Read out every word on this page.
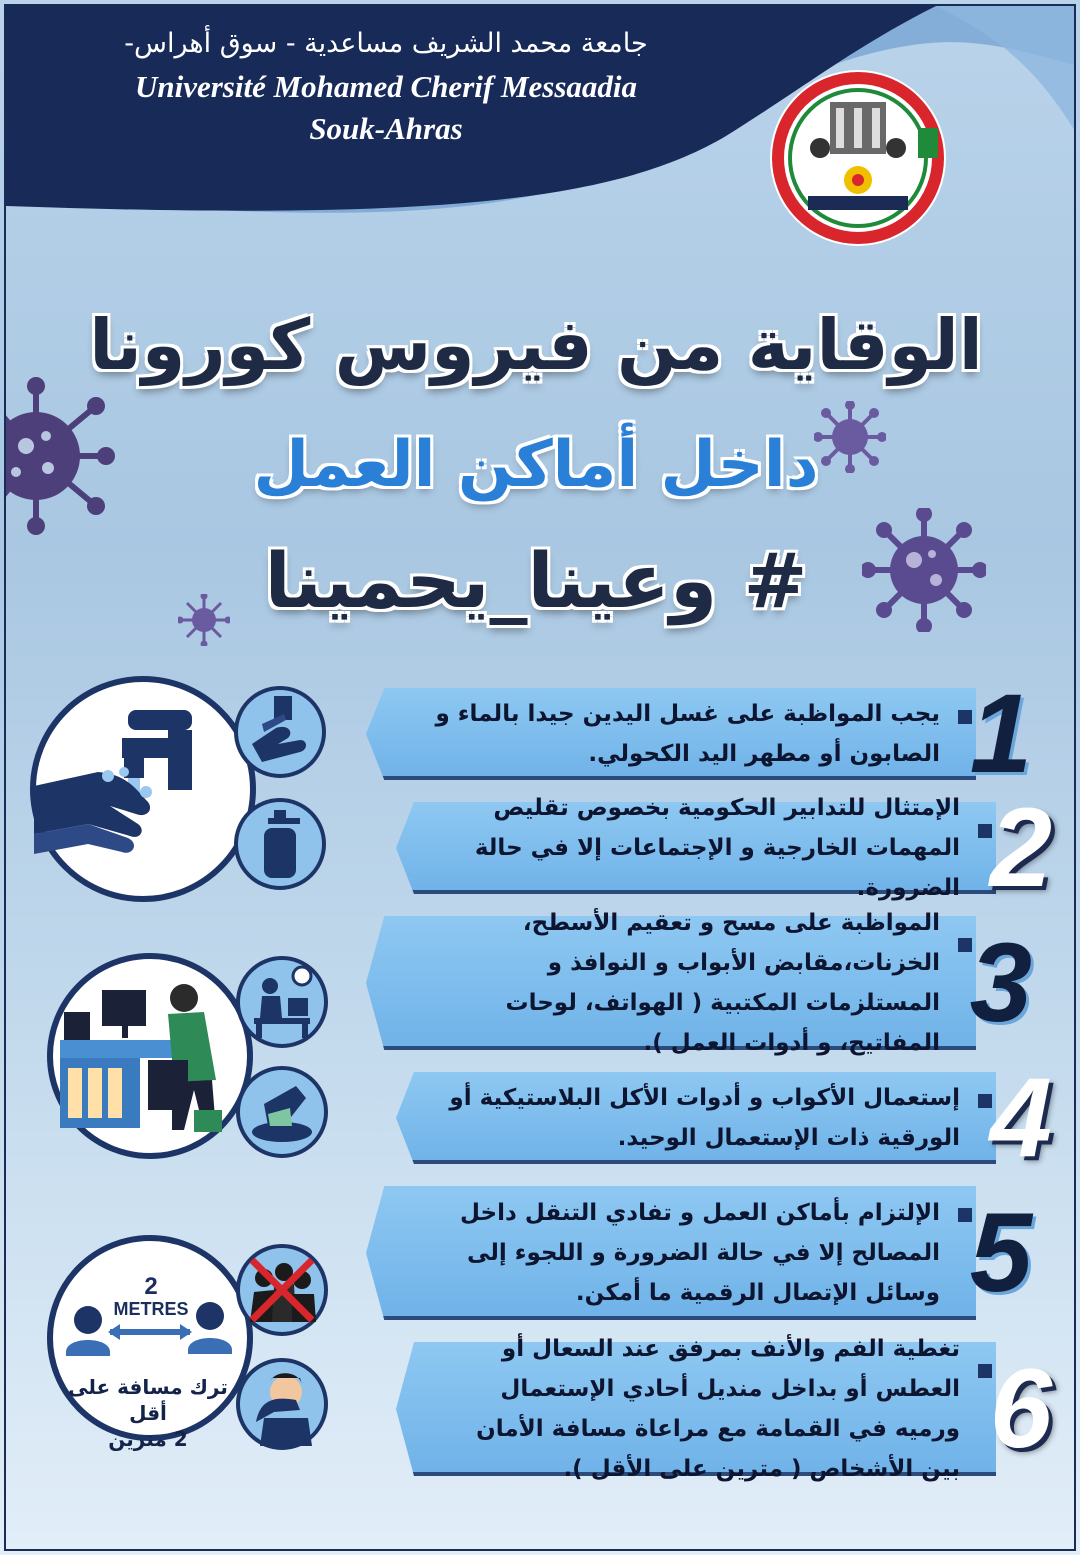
جامعة محمد الشريف مساعدية - سوق أهراس-
Université Mohamed Cherif Messaadia
Souk-Ahras
الوقاية من فيروس كورونا
داخل أماكن العمل
# وعينا_يحمينا
يجب المواظبة على غسل اليدين جيدا بالماء و الصابون أو مطهر اليد الكحولي. 1
الإمتثال للتدابير الحكومية بخصوص تقليص المهمات الخارجية و الإجتماعات إلا في حالة الضرورة. 2
المواظبة على مسح و تعقيم الأسطح، الخزنات،مقابض الأبواب و النوافذ و المستلزمات المكتبية ( الهواتف، لوحات المفاتيح، و أدوات العمل ). 3
إستعمال الأكواب و أدوات الأكل البلاستيكية أو الورقية ذات الإستعمال الوحيد. 4
الإلتزام بأماكن العمل و تفادي التنقل داخل المصالح إلا في حالة الضرورة و اللجوء إلى وسائل الإتصال الرقمية ما أمكن. 5
تغطية الفم والأنف بمرفق عند السعال أو العطس أو بداخل منديل أحادي الإستعمال ورميه في القمامة مع مراعاة مسافة الأمان بين الأشخاص ( مترين على الأقل ). 6
2
METRES
ترك مسافة على أقل
2 مترين
